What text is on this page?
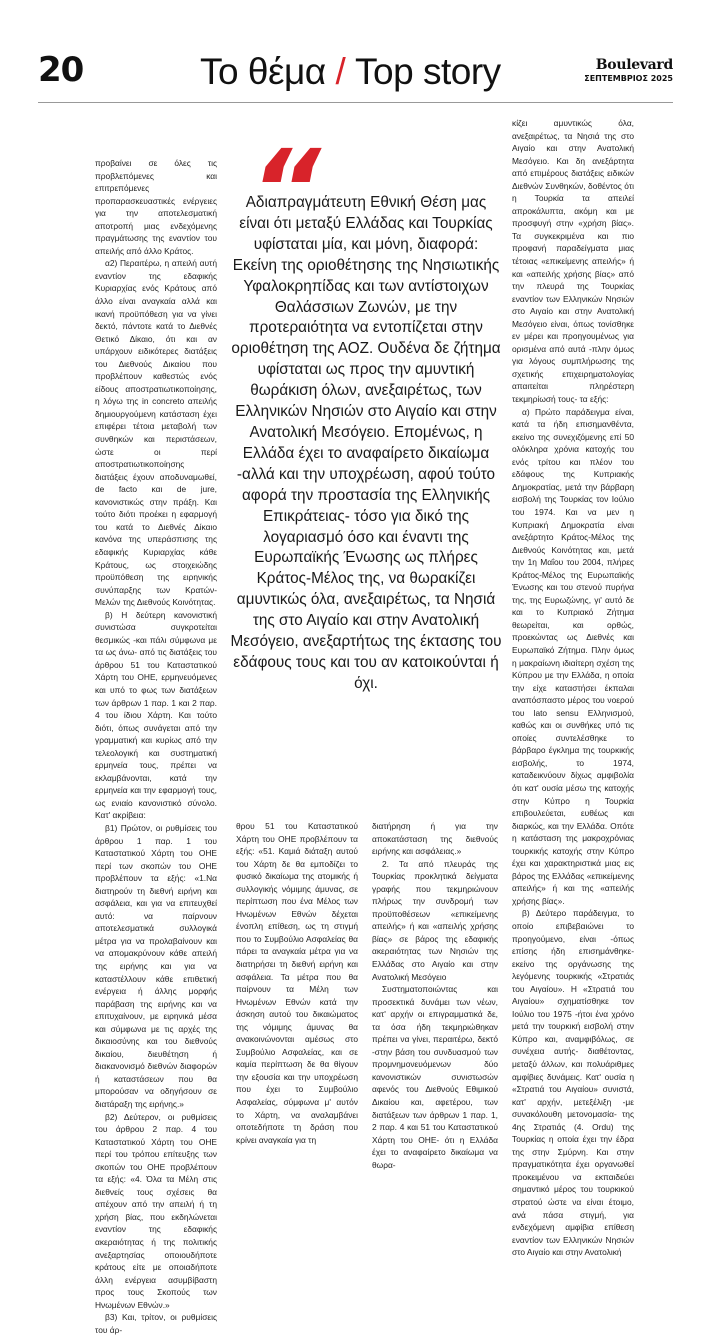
20	Το θέμα / Top story	Boulevard
ΣΕΠΤΕΜΒΡΙΟΣ 2025

προβαίνει σε όλες τις προβλεπόμενες και επιτρεπόμενες προπαρασκευαστικές ενέργειες για την αποτελεσματική αποτροπή μιας ενδεχόμενης πραγμάτωσης της εναντίον του απειλής από άλλο Κράτος.

α2) Περαιτέρω, η απειλή αυτή εναντίον της εδαφικής Κυριαρχίας ενός Κράτους από άλλο είναι αναγκαία αλλά και ικανή προϋπόθεση για να γίνει δεκτό, πάντοτε κατά το Διεθνές Θετικό Δίκαιο, ότι και αν υπάρχουν ειδικότερες διατάξεις του Διεθνούς Δικαίου που προβλέπουν καθεστώς ενός είδους αποστρατιωτικοποίησης, η λόγω της in concreto απειλής δημιουργούμενη κατάσταση έχει επιφέρει τέτοια μεταβολή των συνθηκών και περιστάσεων, ώστε οι περί αποστρατιωτικοποίησης διατάξεις έχουν αποδυναμωθεί, de facto και de jure, κανονιστικώς στην πράξη. Και τούτο διότι προέκει η εφαρμογή του κατά το Διεθνές Δίκαιο κανόνα της υπεράσπισης της εδαφικής Κυριαρχίας κάθε Κράτους, ως στοιχειώδης προϋπόθεση της ειρηνικής συνύπαρξης των Κρατών-Μελών της Διεθνούς Κοινότητας.

β) Η δεύτερη κανονιστική συνιστώσα συγκροτείται θεσμικώς -και πάλι σύμφωνα με τα ως άνω- από τις διατάξεις του άρθρου 51 του Καταστατικού Χάρτη του ΟΗΕ, ερμηνευόμενες και υπό το φως των διατάξεων των άρθρων 1 παρ. 1 και 2 παρ. 4 του ίδιου Χάρτη. Και τούτο διότι, όπως συνάγεται από την γραμματική και κυρίως από την τελεολογική και συστηματική ερμηνεία τους, πρέπει να εκλαμβάνονται, κατά την ερμηνεία και την εφαρμογή τους, ως ενιαίο κανονιστικό σύνολο. Κατ' ακρίβεια:

β1) Πρώτον, οι ρυθμίσεις του άρθρου 1 παρ. 1 του Καταστατικού Χάρτη του ΟΗΕ περί των σκοπών του ΟΗΕ προβλέπουν τα εξής: «1.Να διατηρούν τη διεθνή ειρήνη και ασφάλεια, και για να επιτευχθεί αυτό: να παίρνουν αποτελεσματικά συλλογικά μέτρα για να προλαβαίνουν και να απομακρύνουν κάθε απειλή της ειρήνης και για να καταστέλλουν κάθε επιθετική ενέργεια ή άλλης μορφής παράβαση της ειρήνης και να επιτυχαίνουν, με ειρηνικά μέσα και σύμφωνα με τις αρχές της δικαιοσύνης και του διεθνούς δικαίου, διευθέτηση ή διακανονισμό διεθνών διαφορών ή καταστάσεων που θα μπορούσαν να οδηγήσουν σε διατάραξη της ειρήνης.»

β2) Δεύτερον, οι ρυθμίσεις του άρθρου 2 παρ. 4 του Καταστατικού Χάρτη του ΟΗΕ περί του τρόπου επίτευξης των σκοπών του ΟΗΕ προβλέπουν τα εξής: «4. Όλα τα Μέλη στις διεθνείς τους σχέσεις θα απέχουν από την απειλή ή τη χρήση βίας, που εκδηλώνεται εναντίον της εδαφικής ακεραιότητας ή της πολιτικής ανεξαρτησίας οποιουδήποτε κράτους είτε με οποιαδήποτε άλλη ενέργεια ασυμβίβαστη προς τους Σκοπούς των Ηνωμένων Εθνών.»

β3) Και, τρίτον, οι ρυθμίσεις του άρ-

“
Αδιαπραγμάτευτη Εθνική Θέση μας είναι ότι μεταξύ Ελλάδας και Τουρκίας υφίσταται μία, και μόνη, διαφορά: Εκείνη της οριοθέτησης της Νησιωτικής Υφαλοκρηπίδας και των αντίστοιχων Θαλάσσιων Ζωνών, με την προτεραιότητα να εντοπίζεται στην οριοθέτηση της ΑΟΖ. Ουδένα δε ζήτημα υφίσταται ως προς την αμυντική θωράκιση όλων, ανεξαιρέτως, των Ελληνικών Νησιών στο Αιγαίο και στην Ανατολική Μεσόγειο. Επομένως, η Ελλάδα έχει το αναφαίρετο δικαίωμα -αλλά και την υποχρέωση, αφού τούτο αφορά την προστασία της Ελληνικής Επικράτειας- τόσο για δικό της λογαριασμό όσο και έναντι της Ευρωπαϊκής Ένωσης ως πλήρες Κράτος-Μέλος της, να θωρακίζει αμυντικώς όλα, ανεξαιρέτως, τα Νησιά της στο Αιγαίο και στην Ανατολική Μεσόγειο, ανεξαρτήτως της έκτασης του εδάφους τους και του αν κατοικούνται ή όχι.

θρου 51 του Καταστατικού Χάρτη του ΟΗΕ προβλέπουν τα εξής: «51. Καμιά διάταξη αυτού του Χάρτη δε θα εμποδίζει το φυσικό δικαίωμα της ατομικής ή συλλογικής νόμιμης άμυνας, σε περίπτωση που ένα Μέλος των Ηνωμένων Εθνών δέχεται ένοπλη επίθεση, ως τη στιγμή που το Συμβούλιο Ασφαλείας θα πάρει τα αναγκαία μέτρα για να διατηρήσει τη διεθνή ειρήνη και ασφάλεια. Τα μέτρα που θα παίρνουν τα Μέλη των Ηνωμένων Εθνών κατά την άσκηση αυτού του δικαιώματος της νόμιμης άμυνας θα ανακοινώνονται αμέσως στο Συμβούλιο Ασφαλείας, και σε καμία περίπτωση δε θα θίγουν την εξουσία και την υποχρέωση που έχει το Συμβούλιο Ασφαλείας, σύμφωνα μ' αυτόν το Χάρτη, να αναλαμβάνει οποτεδήποτε τη δράση που κρίνει αναγκαία για τη

διατήρηση ή για την αποκατάσταση της διεθνούς ειρήνης και ασφάλειας.»

2. Τα από πλευράς της Τουρκίας προκλητικά δείγματα γραφής που τεκμηριώνουν πλήρως την συνδρομή των προϋποθέσεων «επικείμενης απειλής» ή και «απειλής χρήσης βίας» σε βάρος της εδαφικής ακεραιότητας των Νησιών της Ελλάδας στο Αιγαίο και στην Ανατολική Μεσόγειο

Συστηματοποιώντας και προσεκτικά δυνάμει των νέων, κατ' αρχήν οι επιγραμματικά δε, τα όσα ήδη τεκμηριώθηκαν πρέπει να γίνει, περαιτέρω, δεκτό -στην βάση του συνδυασμού των προμνημονευόμενων δύο κανονιστικών συνιστωσών αφενός του Διεθνούς Εθιμικού Δικαίου και, αφετέρου, των διατάξεων των άρθρων 1 παρ. 1, 2 παρ. 4 και 51 του Καταστατικού Χάρτη του ΟΗΕ- ότι η Ελλάδα έχει το αναφαίρετο δικαίωμα να θωρα-

κίζει αμυντικώς όλα, ανεξαιρέτως, τα Νησιά της στο Αιγαίο και στην Ανατολική Μεσόγειο. Και δη ανεξάρτητα από επιμέρους διατάξεις ειδικών Διεθνών Συνθηκών, δοθέντος ότι η Τουρκία τα απειλεί απροκάλυπτα, ακόμη και με προσφυγή στην «χρήση βίας». Τα συγκεκριμένα και πιο προφανή παραδείγματα μιας τέτοιας «επικείμενης απειλής» ή και «απειλής χρήσης βίας» από την πλευρά της Τουρκίας εναντίον των Ελληνικών Νησιών στο Αιγαίο και στην Ανατολική Μεσόγειο είναι, όπως τονίσθηκε εν μέρει και προηγουμένως για ορισμένα από αυτά -πλην όμως για λόγους συμπλήρωσης της σχετικής επιχειρηματολογίας απαιτείται πληρέστερη τεκμηρίωσή τους- τα εξής:

α) Πρώτο παράδειγμα είναι, κατά τα ήδη επισημανθέντα, εκείνο της συνεχιζόμενης επί 50 ολόκληρα χρόνια κατοχής του ενός τρίτου και πλέον του εδάφους της Κυπριακής Δημοκρατίας, μετά την βάρβαρη εισβολή της Τουρκίας τον Ιούλιο του 1974. Και να μεν η Κυπριακή Δημοκρατία είναι ανεξάρτητο Κράτος-Μέλος της Διεθνούς Κοινότητας και, μετά την 1η Μαΐου του 2004, πλήρες Κράτος-Μέλος της Ευρωπαϊκής Ένωσης και του στενού πυρήνα της, της Ευρωζώνης, γι' αυτό δε και το Κυπριακό Ζήτημα θεωρείται, και ορθώς, προεκώντας ως Διεθνές και Ευρωπαϊκό Ζήτημα. Πλην όμως η μακραίωνη ιδιαίτερη σχέση της Κύπρου με την Ελλάδα, η οποία την είχε καταστήσει έκπαλαι αναπόσπαστο μέρος του νοερού του lato sensu Ελληνισμού, καθώς και οι συνθήκες υπό τις οποίες συντελέσθηκε το βάρβαρο έγκλημα της τουρκικής εισβολής, το 1974, καταδεικνύουν δίχως αμφιβολία ότι κατ' ουσία μέσω της κατοχής στην Κύπρο η Τουρκία επιβουλεύεται, ευθέως και διαρκώς, και την Ελλάδα. Οπότε η κατάσταση της μακροχρόνιας τουρκικής κατοχής στην Κύπρο έχει και χαρακτηριστικά μιας εις βάρος της Ελλάδας «επικείμενης απειλής» ή και της «απειλής χρήσης βίας».

β) Δεύτερο παράδειγμα, το οποίο επιβεβαιώνει το προηγούμενο, είναι -όπως επίσης ήδη επισημάνθηκε- εκείνο της οργάνωσης της λεγόμενης τουρκικής «Στρατιάς του Αιγαίου». Η «Στρατιά του Αιγαίου» σχηματίσθηκε τον Ιούλιο του 1975 -ήτοι ένα χρόνο μετά την τουρκική εισβολή στην Κύπρο και, αναμφιβόλως, σε συνέχεια αυτής- διαθέτοντας, μεταξύ άλλων, και πολυάριθμες αμφίβιες δυνάμεις. Κατ' ουσία η «Στρατιά του Αιγαίου» συνιστά, κατ' αρχήν, μετεξέλιξη -με συνακόλουθη μετονομασία- της 4ης Στρατιάς (4. Ordu) της Τουρκίας η οποία έχει την έδρα της στην Σμύρνη. Και στην πραγματικότητα έχει οργανωθεί προκειμένου να εκπαιδεύει σημαντικό μέρος του τουρκικού στρατού ώστε να είναι έτοιμο, ανά πάσα στιγμή, για ενδεχόμενη αμφίβια επίθεση εναντίον των Ελληνικών Νησιών στο Αιγαίο και στην Ανατολική
